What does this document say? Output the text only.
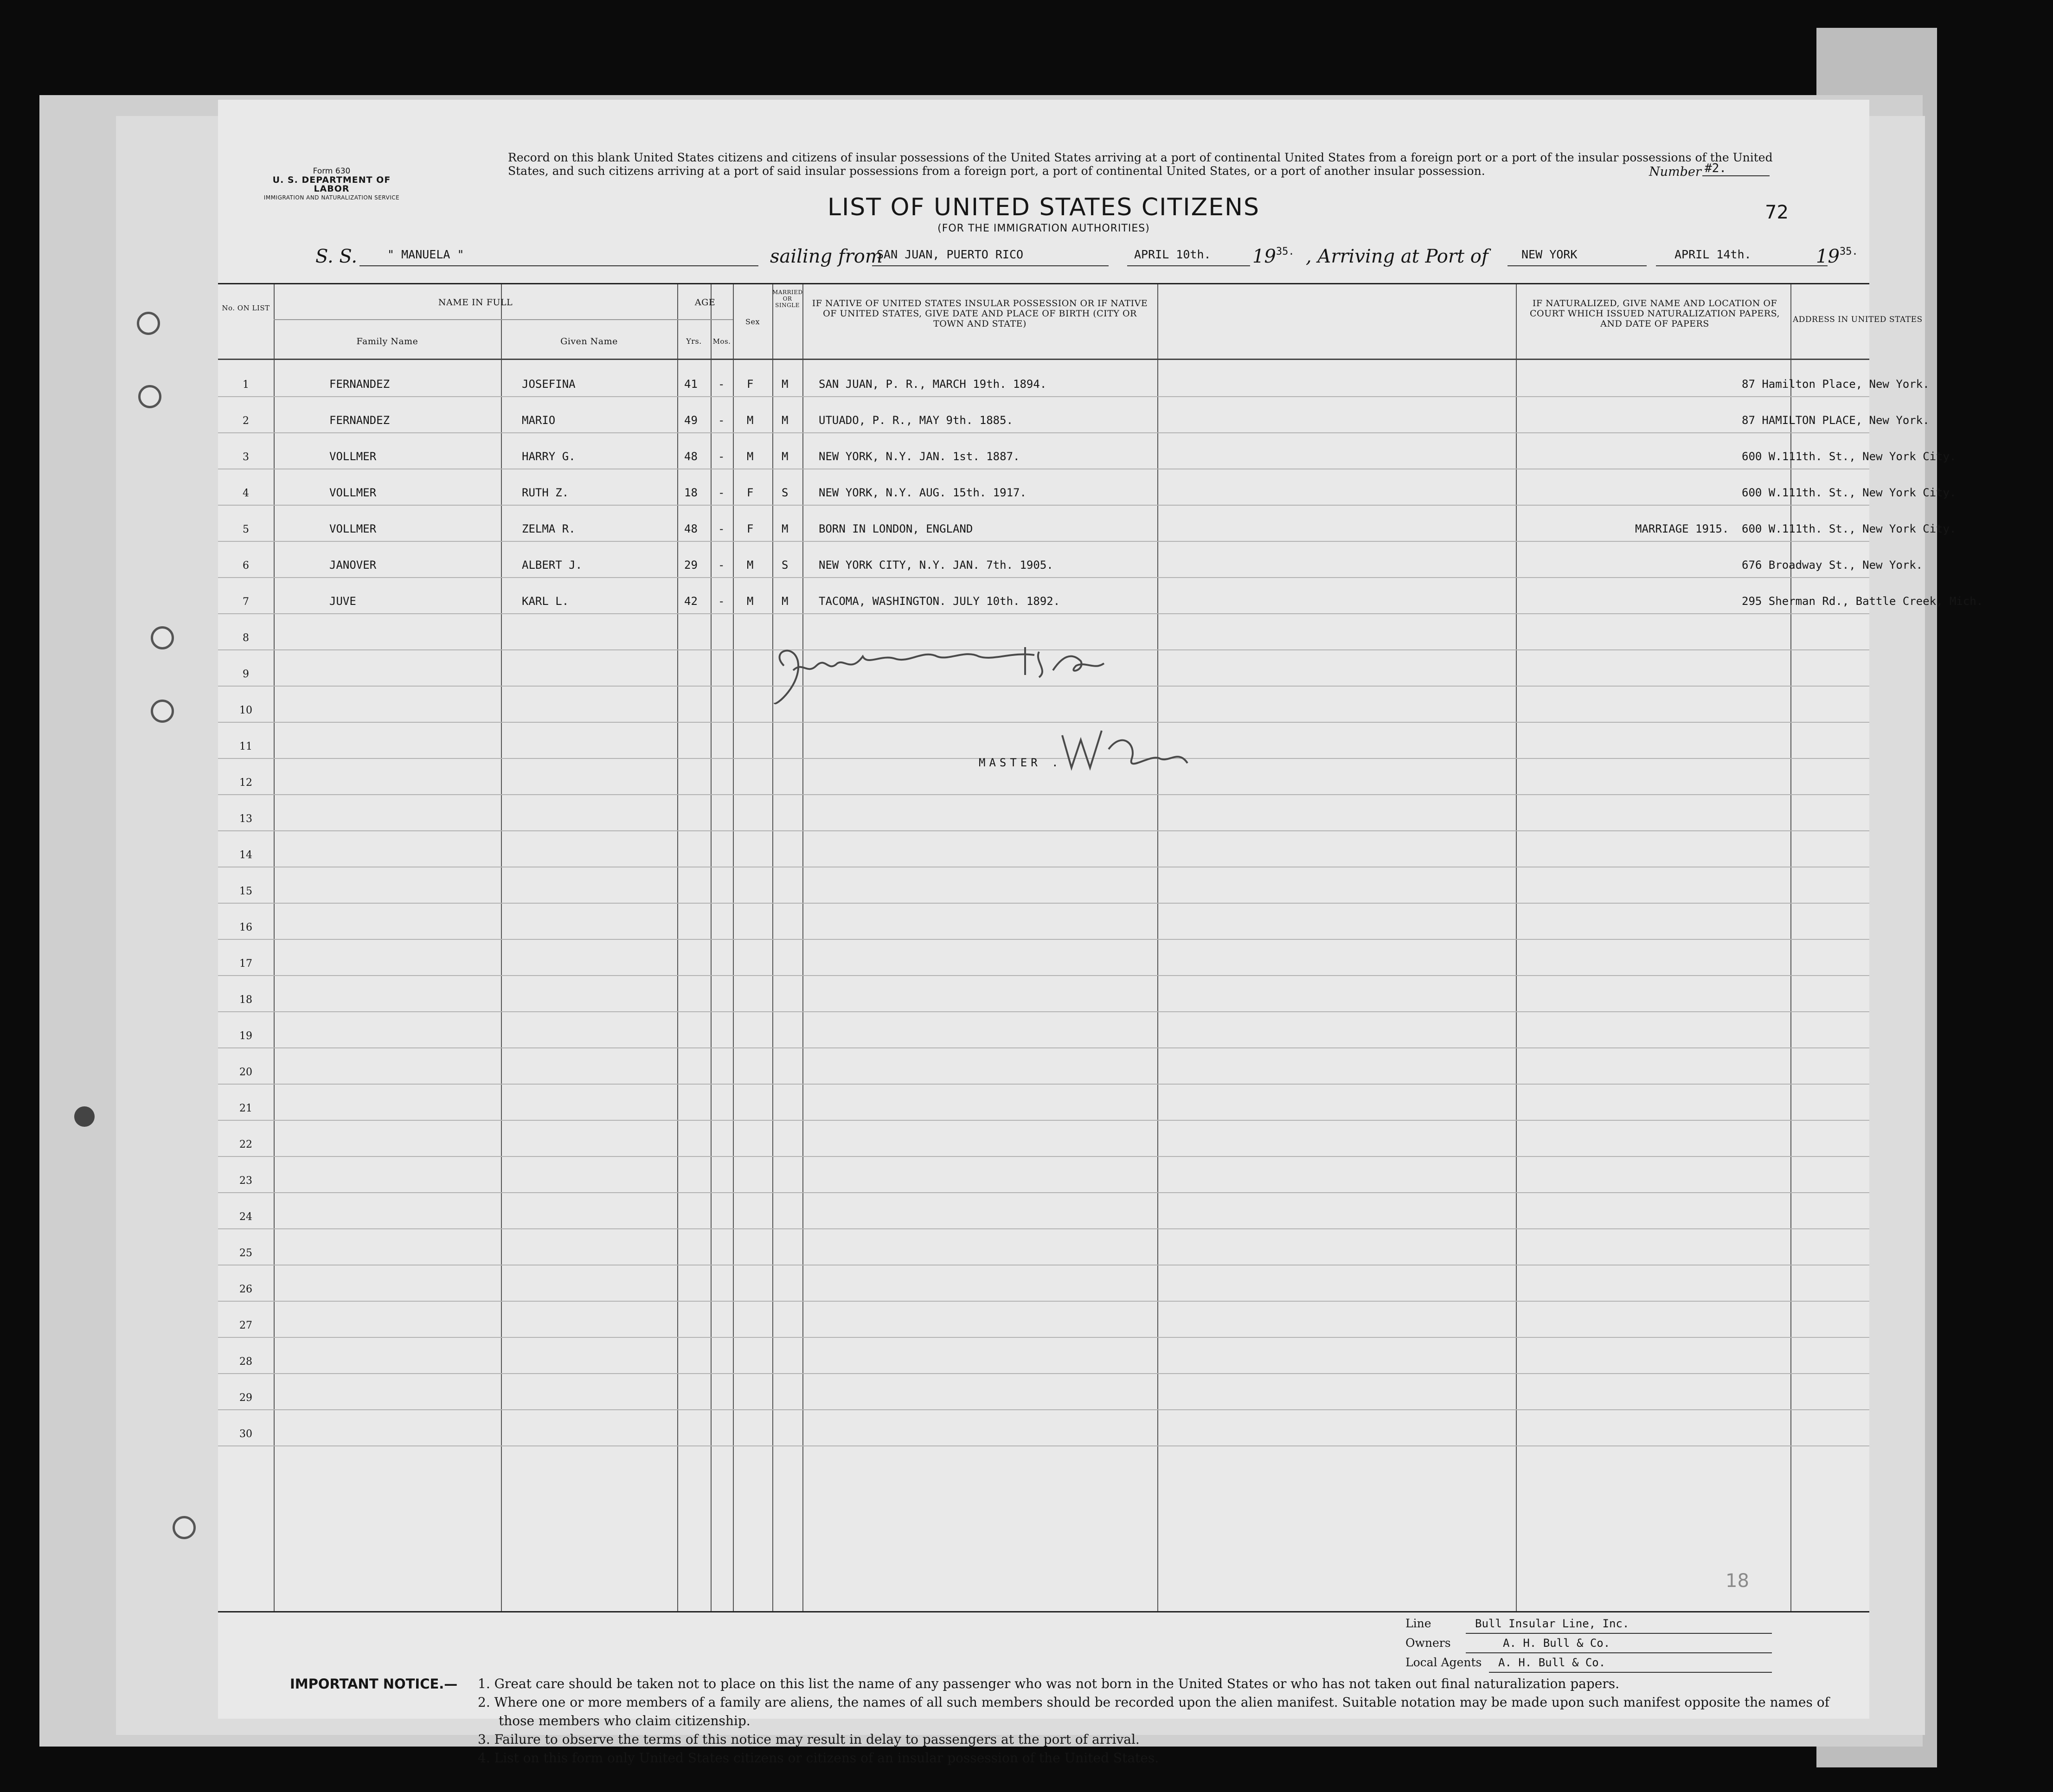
Form 630
U. S. DEPARTMENT OF LABOR
IMMIGRATION AND NATURALIZATION SERVICE
Record on this blank United States citizens and citizens of insular possessions of the United States arriving at a port of continental United States from a foreign port or a port of the insular possessions of the United States, and such citizens arriving at a port of said insular possessions from a foreign port, a port of continental United States, or a port of another insular possession.	Number #2.
72
LIST OF UNITED STATES CITIZENS
(FOR THE IMMIGRATION AUTHORITIES)
S. S.	" MANUELA "	sailing from
SAN JUAN, PUERTO RICO	APRIL 10th.	$19^{35.}$ , Arriving at Port of	NEW YORK	APRIL 14th.	$19^{35.}$
No. ON LIST
NAME IN FULL
Family Name	Given Name
AGE
Yrs.	Mos.
Sex
MARRIED OR SINGLE	IF NATIVE OF UNITED STATES INSULAR POSSESSION OR IF NATIVE OF UNITED STATES, GIVE DATE AND PLACE OF BIRTH (CITY OR TOWN AND STATE)
IF NATURALIZED, GIVE NAME AND LOCATION OF COURT WHICH ISSUED NATURALIZATION PAPERS, AND DATE OF PAPERS	ADDRESS IN UNITED STATES
1	FERNANDEZ	JOSEFINA	41 - F	M	SAN JUAN, P. R., MARCH 19th. 1894.	87 Hamilton Place, New York.
2	FERNANDEZ	MARIO	49 - M	M	UTUADO, P. R., MAY 9th. 1885.	87 HAMILTON PLACE, New York.
3	VOLLMER	HARRY G.	48 - M	M	NEW YORK, N.Y. JAN. 1st. 1887.	600 W.111th. St., New York City.
4	VOLLMER	RUTH Z.	18 - F	S	NEW YORK, N.Y. AUG. 15th. 1917.	600 W.111th. St., New York City.
5	VOLLMER	ZELMA R.	48 - F	M	BORN IN LONDON, ENGLAND	MARRIAGE 1915. 600 W.111th. St., New York City.
6	JANOVER	ALBERT J.	29 - M	S	NEW YORK CITY, N.Y. JAN. 7th. 1905.	676 Broadway St., New York.
7	JUVE	KARL L.	42 - M	M	TACOMA, WASHINGTON. JULY 10th. 1892.	295 Sherman Rd., Battle Creek, Mich.
8
9
10
11
12
13
14
15
16
17
18
19
20
21
22
23
24
25
26
27
28
29
30
MASTER .
18
Line	Bull Insular Line, Inc.
Owners	A. H. Bull & Co.
Local Agents	A. H. Bull & Co.
IMPORTANT NOTICE.— 1. Great care should be taken not to place on this list the name of any passenger who was not born in the United States or who has not taken out final naturalization papers.
2. Where one or more members of a family are aliens, the names of all such members should be recorded upon the alien manifest. Suitable notation may be made upon such manifest opposite the names of those members who claim citizenship.
3. Failure to observe the terms of this notice may result in delay to passengers at the port of arrival.
4. List on this form only United States citizens or citizens of an insular possession of the United States.
